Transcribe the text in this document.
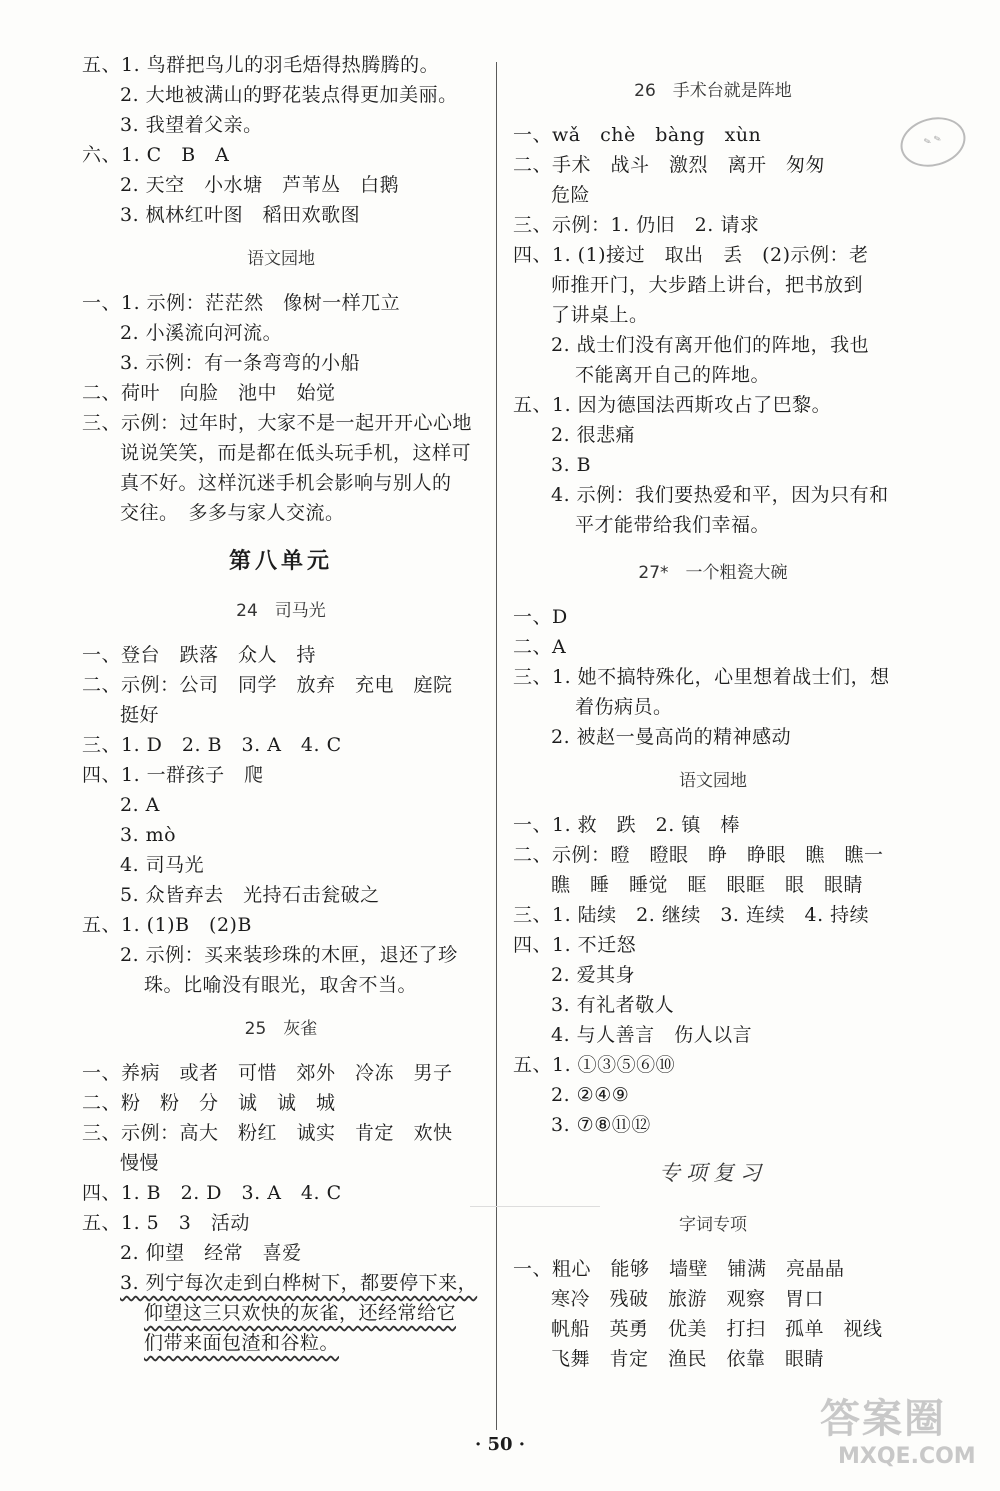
✎ ✎
五、1. 鸟群把鸟儿的羽毛焐得热腾腾的。
2. 大地被满山的野花装点得更加美丽。
3. 我望着父亲。
六、1. C　B　A
2. 天空　小水塘　芦苇丛　白鹅
3. 枫林红叶图　稻田欢歌图
语文园地
一、1. 示例：茫茫然　像树一样兀立
2. 小溪流向河流。
3. 示例：有一条弯弯的小船
二、荷叶　向脸　池中　始觉
三、示例：过年时，大家不是一起开开心心地
说说笑笑，而是都在低头玩手机，这样可
真不好。这样沉迷手机会影响与别人的
交往。　多多与家人交流。
第八单元
24　司马光
一、登台　跌落　众人　持
二、示例：公司　同学　放弃　充电　庭院
挺好
三、1. D　2. B　3. A　4. C
四、1. 一群孩子　爬
2. A
3. mò
4. 司马光
5. 众皆弃去　光持石击瓮破之
五、1. (1)B　(2)B
2. 示例：买来装珍珠的木匣，退还了珍
珠。比喻没有眼光，取舍不当。
25　灰雀
一、养病　或者　可惜　郊外　冷冻　男子
二、粉　粉　分　诚　诚　城
三、示例：高大　粉红　诚实　肯定　欢快
慢慢
四、1. B　2. D　3. A　4. C
五、1. 5　3　活动
2. 仰望　经常　喜爱
3. 列宁每次走到白桦树下，都要停下来，
仰望这三只欢快的灰雀，还经常给它
们带来面包渣和谷粒。
26　手术台就是阵地
一、wǎ　chè　bàng　xùn
二、手术　战斗　激烈　离开　匆匆
危险
三、示例：1. 仍旧　2. 请求
四、1. (1)接过　取出　丢　(2)示例：老
师推开门，大步踏上讲台，把书放到
了讲桌上。
2. 战士们没有离开他们的阵地，我也
不能离开自己的阵地。
五、1. 因为德国法西斯攻占了巴黎。
2. 很悲痛
3. B
4. 示例：我们要热爱和平，因为只有和
平才能带给我们幸福。
27*　一个粗瓷大碗
一、D
二、A
三、1. 她不搞特殊化，心里想着战士们，想
着伤病员。
2. 被赵一曼高尚的精神感动
语文园地
一、1. 救　跌　2. 镇　棒
二、示例：瞪　瞪眼　睁　睁眼　瞧　瞧一
瞧　睡　睡觉　眶　眼眶　眼　眼睛
三、1. 陆续　2. 继续　3. 连续　4. 持续
四、1. 不迁怒
2. 爱其身
3. 有礼者敬人
4. 与人善言　伤人以言
五、1. ①③⑤⑥⑩
2. ②④⑨
3. ⑦⑧⑪⑫
专项复习
字词专项
一、粗心　能够　墙壁　铺满　亮晶晶
寒冷　残破　旅游　观察　胃口
帆船　英勇　优美　打扫　孤单　视线
飞舞　肯定　渔民　依靠　眼睛
· 50 ·
答案圈
MXQE.COM
